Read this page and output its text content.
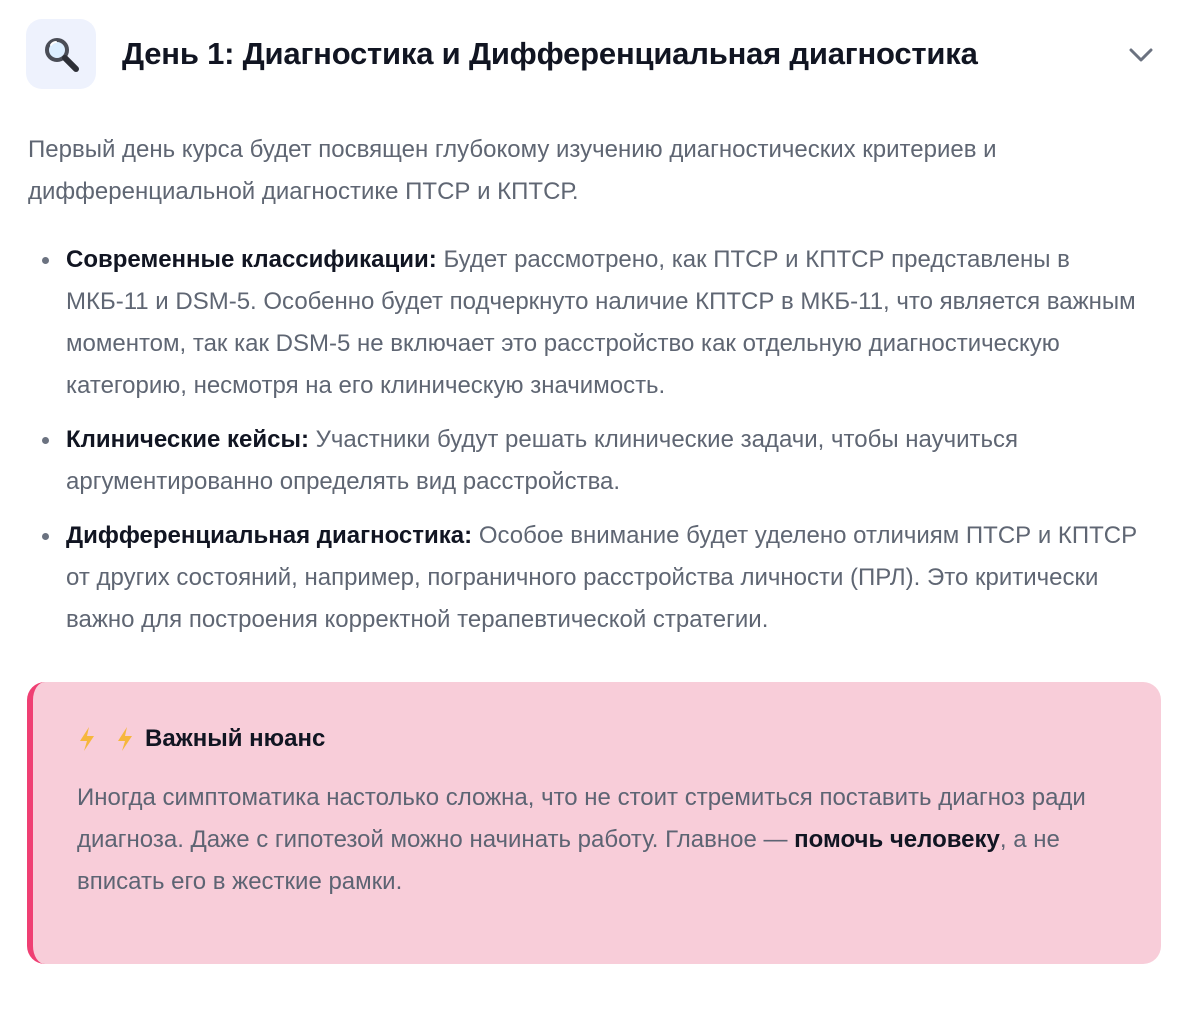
День 1: Диагностика и Дифференциальная диагностика

Первый день курса будет посвящен глубокому изучению диагностических критериев и дифференциальной диагностике ПТСР и КПТСР.

Современные классификации: Будет рассмотрено, как ПТСР и КПТСР представлены в МКБ-11 и DSM-5. Особенно будет подчеркнуто наличие КПТСР в МКБ-11, что является важным моментом, так как DSM-5 не включает это расстройство как отдельную диагностическую категорию, несмотря на его клиническую значимость.
Клинические кейсы: Участники будут решать клинические задачи, чтобы научиться аргументированно определять вид расстройства.
Дифференциальная диагностика: Особое внимание будет уделено отличиям ПТСР и КПТСР от других состояний, например, пограничного расстройства личности (ПРЛ). Это критически важно для построения корректной терапевтической стратегии.
Важный нюанс

Иногда симптоматика настолько сложна, что не стоит стремиться поставить диагноз ради диагноза. Даже с гипотезой можно начинать работу. Главное — помочь человеку, а не вписать его в жесткие рамки.
